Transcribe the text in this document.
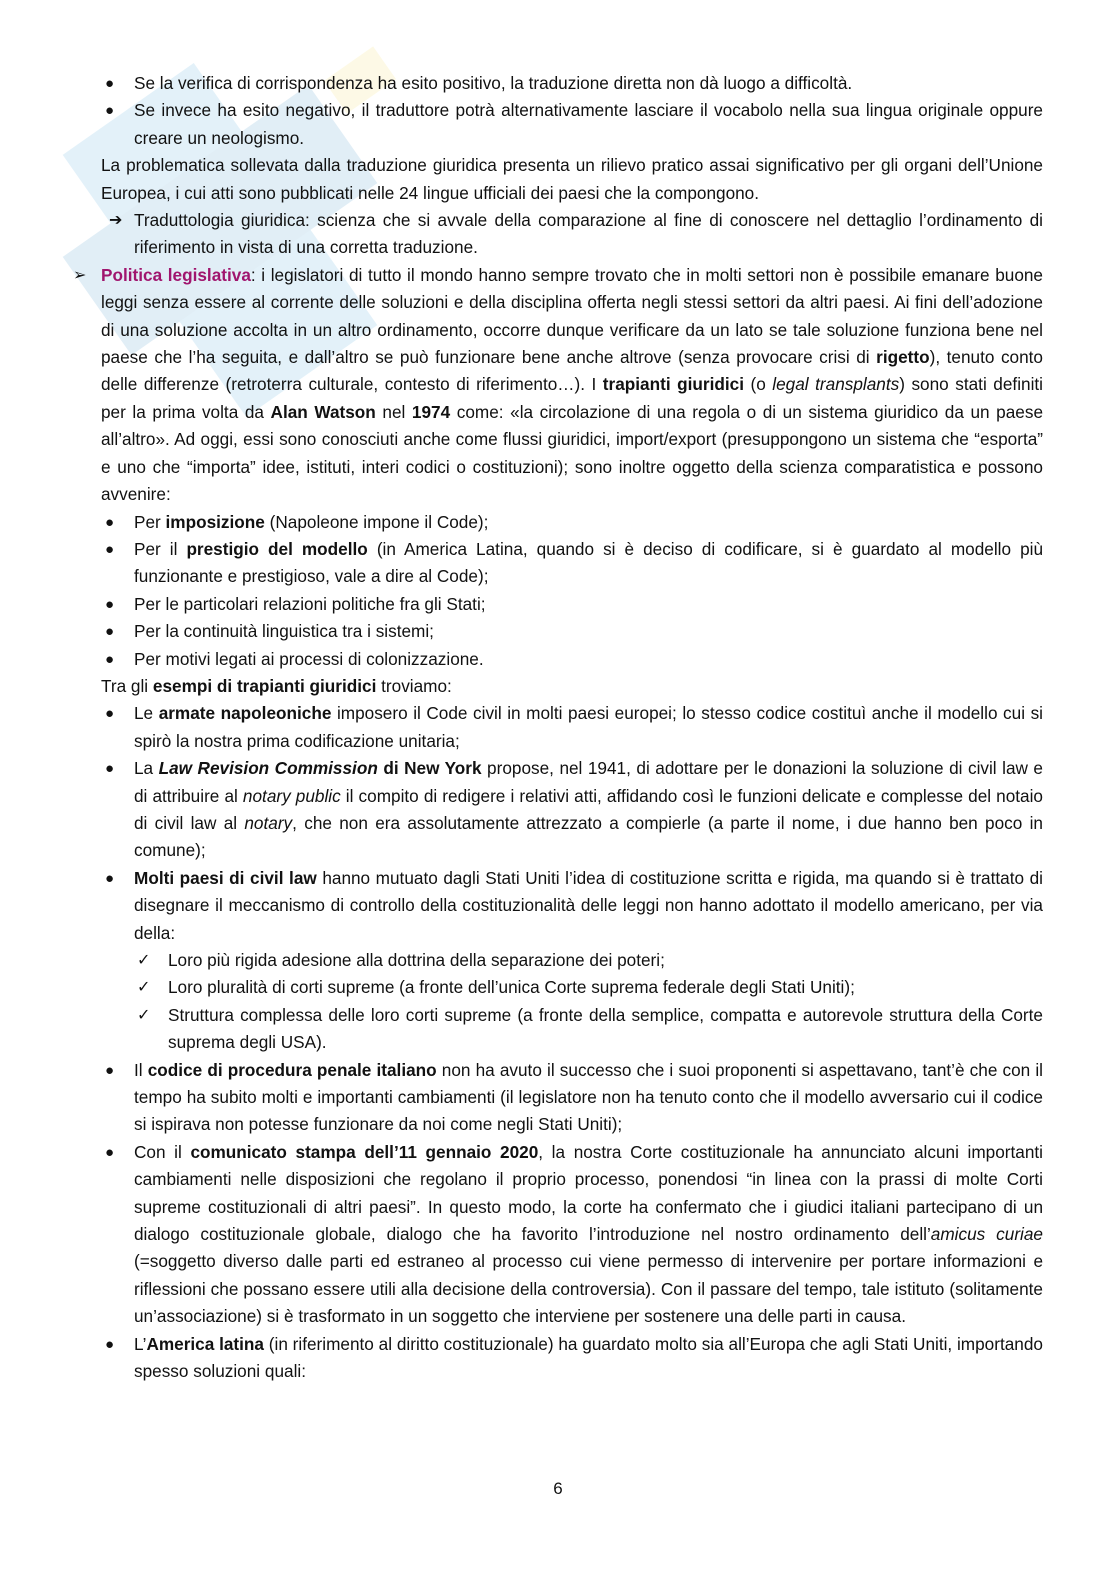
● Se la verifica di corrispondenza ha esito positivo, la traduzione diretta non dà luogo a difficoltà.
● Se invece ha esito negativo, il traduttore potrà alternativamente lasciare il vocabolo nella sua lingua originale oppure creare un neologismo.

La problematica sollevata dalla traduzione giuridica presenta un rilievo pratico assai significativo per gli organi dell’Unione Europea, i cui atti sono pubblicati nelle 24 lingue ufficiali dei paesi che la compongono.

➔ Traduttologia giuridica: scienza che si avvale della comparazione al fine di conoscere nel dettaglio l’ordinamento di riferimento in vista di una corretta traduzione.
➢ Politica legislativa: i legislatori di tutto il mondo hanno sempre trovato che in molti settori non è possibile emanare buone leggi senza essere al corrente delle soluzioni e della disciplina offerta negli stessi settori da altri paesi. Ai fini dell’adozione di una soluzione accolta in un altro ordinamento, occorre dunque verificare da un lato se tale soluzione funziona bene nel paese che l’ha seguita, e dall’altro se può funzionare bene anche altrove (senza provocare crisi di rigetto), tenuto conto delle differenze (retroterra culturale, contesto di riferimento…). I trapianti giuridici (o legal transplants) sono stati definiti per la prima volta da Alan Watson nel 1974 come: «la circolazione di una regola o di un sistema giuridico da un paese all’altro». Ad oggi, essi sono conosciuti anche come flussi giuridici, import/export (presuppongono un sistema che “esporta” e uno che “importa” idee, istituti, interi codici o costituzioni); sono inoltre oggetto della scienza comparatistica e possono avvenire:
● Per imposizione (Napoleone impone il Code);
● Per il prestigio del modello (in America Latina, quando si è deciso di codificare, si è guardato al modello più funzionante e prestigioso, vale a dire al Code);
● Per le particolari relazioni politiche fra gli Stati;
● Per la continuità linguistica tra i sistemi;
● Per motivi legati ai processi di colonizzazione.

Tra gli esempi di trapianti giuridici troviamo:

● Le armate napoleoniche imposero il Code civil in molti paesi europei; lo stesso codice costituì anche il modello cui si spirò la nostra prima codificazione unitaria;
● La Law Revision Commission di New York propose, nel 1941, di adottare per le donazioni la soluzione di civil law e di attribuire al notary public il compito di redigere i relativi atti, affidando così le funzioni delicate e complesse del notaio di civil law al notary, che non era assolutamente attrezzato a compierle (a parte il nome, i due hanno ben poco in comune);
● Molti paesi di civil law hanno mutuato dagli Stati Uniti l’idea di costituzione scritta e rigida, ma quando si è trattato di disegnare il meccanismo di controllo della costituzionalità delle leggi non hanno adottato il modello americano, per via della:
✓ Loro più rigida adesione alla dottrina della separazione dei poteri;
✓ Loro pluralità di corti supreme (a fronte dell’unica Corte suprema federale degli Stati Uniti);
✓ Struttura complessa delle loro corti supreme (a fronte della semplice, compatta e autorevole struttura della Corte suprema degli USA).
● Il codice di procedura penale italiano non ha avuto il successo che i suoi proponenti si aspettavano, tant’è che con il tempo ha subito molti e importanti cambiamenti (il legislatore non ha tenuto conto che il modello avversario cui il codice si ispirava non potesse funzionare da noi come negli Stati Uniti);
● Con il comunicato stampa dell’11 gennaio 2020, la nostra Corte costituzionale ha annunciato alcuni importanti cambiamenti nelle disposizioni che regolano il proprio processo, ponendosi “in linea con la prassi di molte Corti supreme costituzionali di altri paesi”. In questo modo, la corte ha confermato che i giudici italiani partecipano di un dialogo costituzionale globale, dialogo che ha favorito l’introduzione nel nostro ordinamento dell’amicus curiae (=soggetto diverso dalle parti ed estraneo al processo cui viene permesso di intervenire per portare informazioni e riflessioni che possano essere utili alla decisione della controversia). Con il passare del tempo, tale istituto (solitamente un’associazione) si è trasformato in un soggetto che interviene per sostenere una delle parti in causa.
● L’America latina (in riferimento al diritto costituzionale) ha guardato molto sia all’Europa che agli Stati Uniti, importando spesso soluzioni quali:
6
